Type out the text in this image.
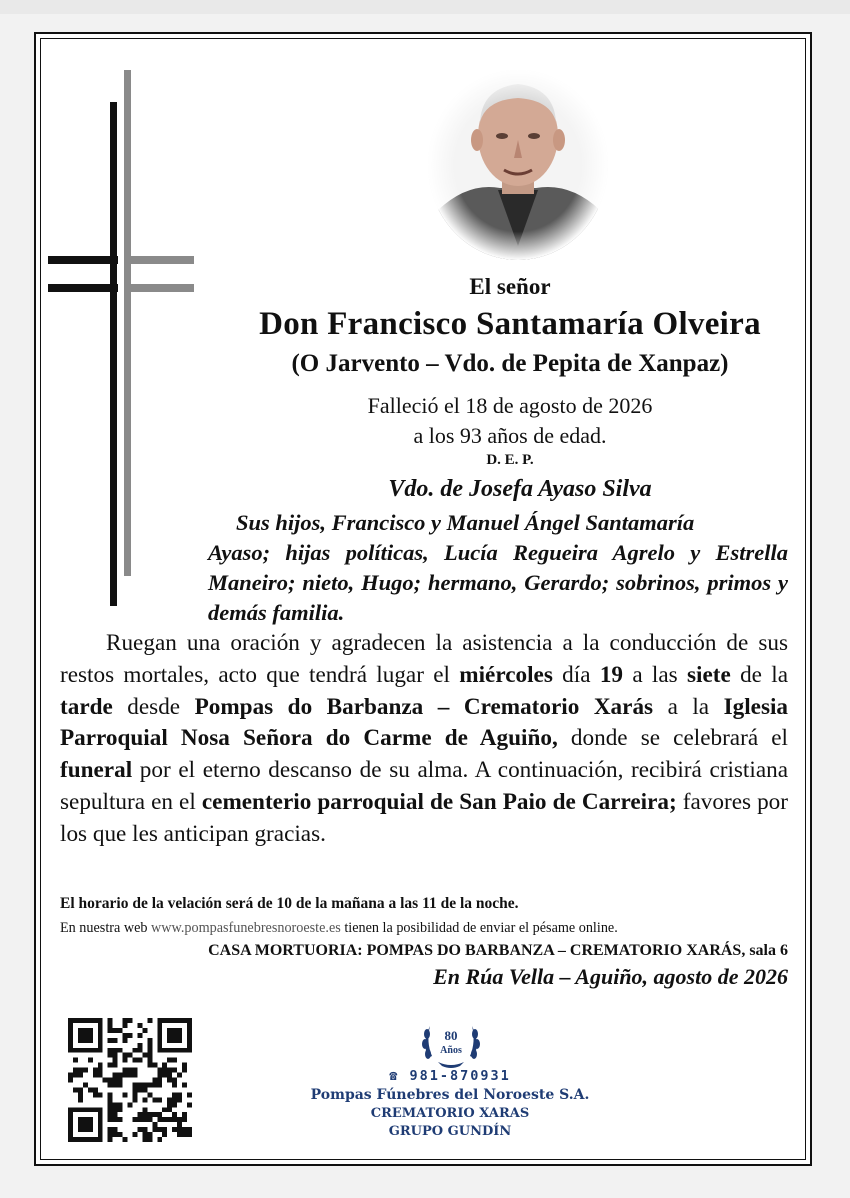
El señor
Don Francisco Santamaría Olveira
(O Jarvento – Vdo. de Pepita de Xanpaz)
Falleció el 18 de agosto de 2026
a los 93 años de edad.
D. E. P.
Vdo. de Josefa Ayaso Silva
Sus hijos, Francisco y Manuel Ángel Santamaría
Ayaso; hijas políticas, Lucía Regueira Agrelo y Estrella Maneiro; nieto, Hugo; hermano, Gerardo; sobrinos, primos y demás familia.
Ruegan una oración y agradecen la asistencia a la conducción de sus restos mortales, acto que tendrá lugar el miércoles día 19 a las siete de la tarde desde Pompas do Barbanza – Crematorio Xarás a la Iglesia Parroquial Nosa Señora do Carme de Aguiño, donde se celebrará el funeral por el eterno descanso de su alma. A continuación, recibirá cristiana sepultura en el cementerio parroquial de San Paio de Carreira; favores por los que les anticipan gracias.
El horario de la velación será de 10 de la mañana a las 11 de la noche.
En nuestra web www.pompasfunebresnoroeste.es tienen la posibilidad de enviar el pésame online.
CASA MORTUORIA: POMPAS DO BARBANZA – CREMATORIO XARÁS, sala 6
En Rúa Vella – Aguiño, agosto de 2026
80
Años
☎ 981-870931
Pompas Fúnebres del Noroeste S.A.
CREMATORIO XARAS
GRUPO GUNDÍN
